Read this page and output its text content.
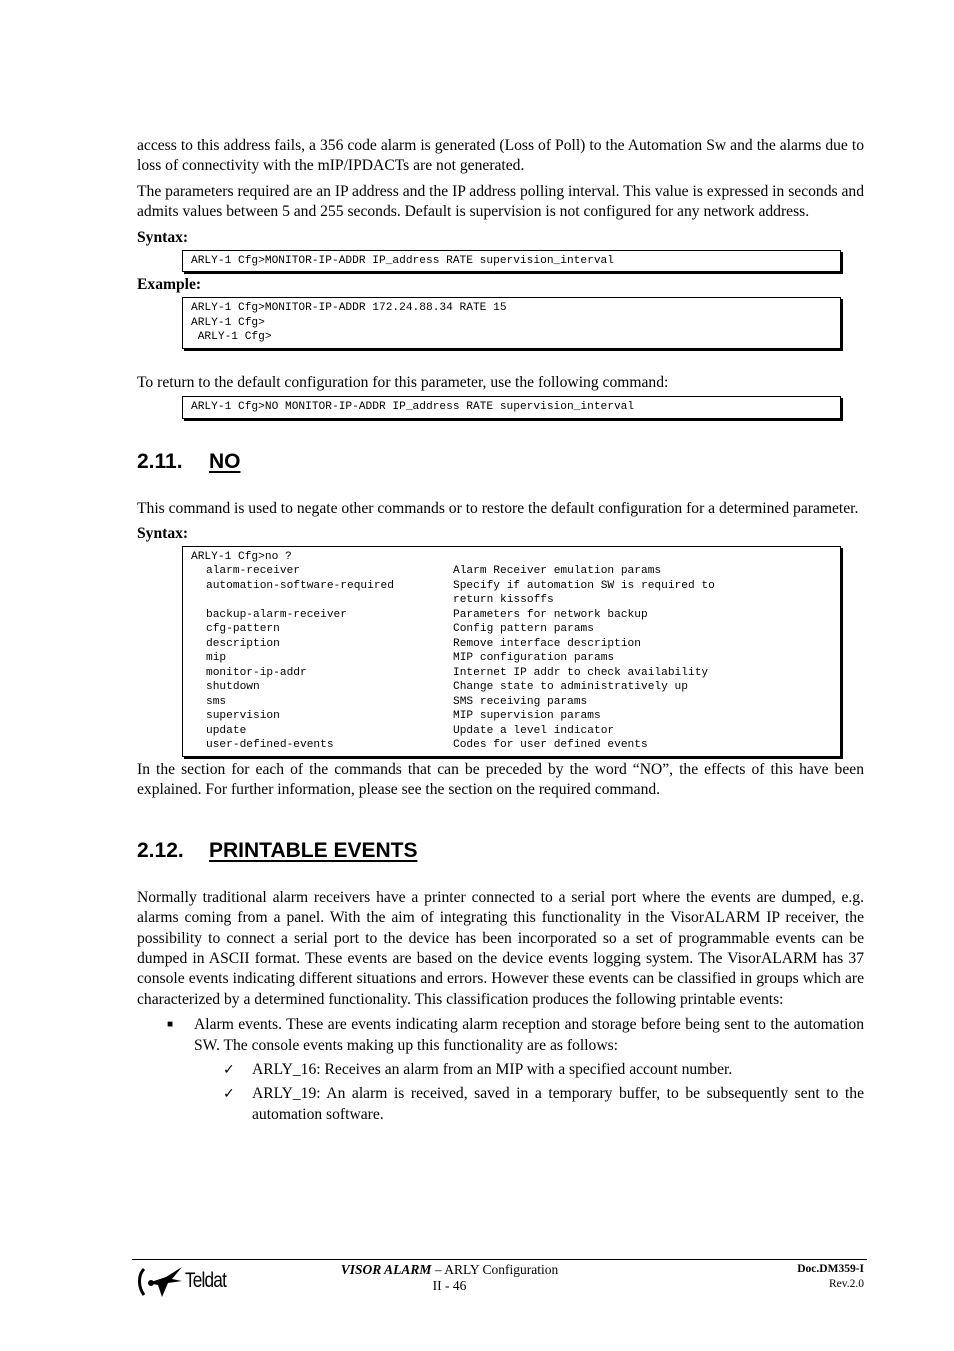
access to this address fails, a 356 code alarm is generated (Loss of Poll) to the Automation Sw and the alarms due to loss of connectivity with the mIP/IPDACTs are not generated.

The parameters required are an IP address and the IP address polling interval. This value is expressed in seconds and admits values between 5 and 255 seconds. Default is supervision is not configured for any network address.

Syntax:
ARLY-1 Cfg>MONITOR-IP-ADDR IP_address RATE supervision_interval
Example:
ARLY-1 Cfg>MONITOR-IP-ADDR 172.24.88.34 RATE 15
ARLY-1 Cfg>
ARLY-1 Cfg>

To return to the default configuration for this parameter, use the following command:

ARLY-1 Cfg>NO MONITOR-IP-ADDR IP_address RATE supervision_interval
2.11. NO

This command is used to negate other commands or to restore the default configuration for a determined parameter.

Syntax:
ARLY-1 Cfg>no ?
alarm-receiver	Alarm Receiver emulation params
automation-software-required	Specify if automation SW is required to
return kissoffs
backup-alarm-receiver	Parameters for network backup
cfg-pattern	Config pattern params
description	Remove interface description
mip	MIP configuration params
monitor-ip-addr	Internet IP addr to check availability
shutdown	Change state to administratively up
sms	SMS receiving params
supervision	MIP supervision params
update	Update a level indicator
user-defined-events	Codes for user defined events

In the section for each of the commands that can be preceded by the word “NO”, the effects of this have been explained. For further information, please see the section on the required command.

2.12. PRINTABLE EVENTS

Normally traditional alarm receivers have a printer connected to a serial port where the events are dumped, e.g. alarms coming from a panel. With the aim of integrating this functionality in the VisorALARM IP receiver, the possibility to connect a serial port to the device has been incorporated so a set of programmable events can be dumped in ASCII format. These events are based on the device events logging system. The VisorALARM has 37 console events indicating different situations and errors. However these events can be classified in groups which are characterized by a determined functionality. This classification produces the following printable events:

■ Alarm events. These are events indicating alarm reception and storage before being sent to the automation SW. The console events making up this functionality are as follows:
✓ ARLY_16: Receives an alarm from an MIP with a specified account number.
✓ ARLY_19: An alarm is received, saved in a temporary buffer, to be subsequently sent to the automation software.
Teldat	VISOR ALARM – ARLY Configuration
II - 46
Doc.DM359-I
Rev.2.0
